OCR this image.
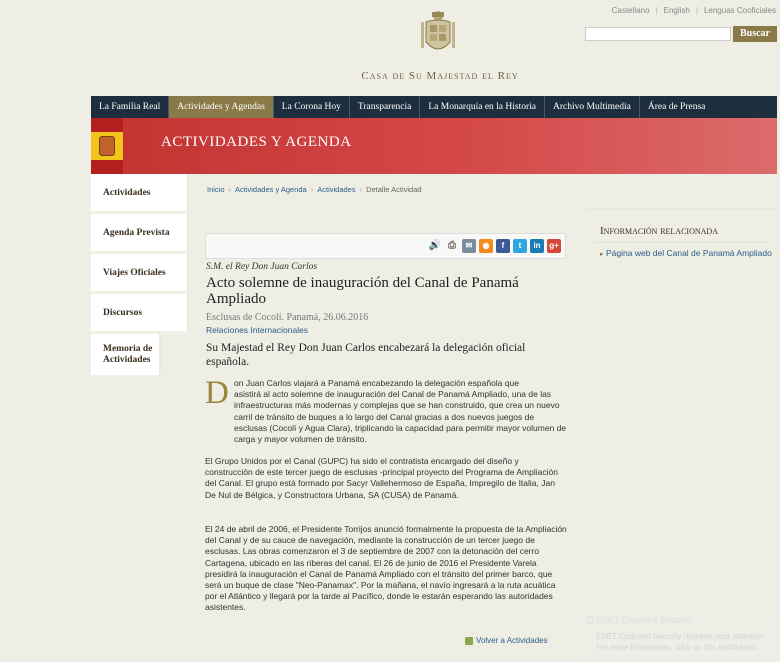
Castellano | English | Lenguas Cooficiales
Buscar
Casa de Su Majestad el Rey
La Familia Real	Actividades y Agendas	La Corona Hoy	Transparencia	La Monarquía en la Historia	Archivo Multimedia	Área de Prensa
ACTIVIDADES Y AGENDA
Actividades
Agenda Prevista
Viajes Oficiales
Discursos
Memoria de Actividades
Inicio › Actividades y Agenda › Actividades › Detalle Actividad
🔊 ⎙	✉	◉	f	t	in	g+
S.M. el Rey Don Juan Carlos
Acto solemne de inauguración del Canal de Panamá Ampliado
Esclusas de Cocolí. Panamá, 26.06.2016
Relaciones Internacionales
Su Majestad el Rey Don Juan Carlos encabezará la delegación oficial española.
D on Juan Carlos viajará a Panamá encabezando la delegación española que
asistirá al acto solemne de inauguración del Canal de Panamá Ampliado, una de las infraestructuras más modernas y complejas que se han construido, que crea un nuevo carril de tránsito de buques a lo largo del Canal gracias a dos nuevos juegos de esclusas (Cocolí y Agua Clara), triplicando la capacidad para permitir mayor volumen de carga y mayor volumen de tránsito.
El Grupo Unidos por el Canal (GUPC) ha sido el contratista encargado del diseño y construcción de este tercer juego de esclusas -principal proyecto del Programa de Ampliación del Canal. El grupo está formado por Sacyr Vallehermoso de España, Impregilo de Italia, Jan De Nul de Bélgica, y Constructora Urbana, SA (CUSA) de Panamá.
El 24 de abril de 2006, el Presidente Torrijos anunció formalmente la propuesta de la Ampliación del Canal y de su cauce de navegación, mediante la construcción de un tercer juego de esclusas. Las obras comenzaron el 3 de septiembre de 2007 con la detonación del cerro Cartagena, ubicado en las riberas del canal. El 26 de junio de 2016 el Presidente Varela presidirá la inauguración el Canal de Panamá Ampliado con el tránsito del primer barco, que será un buque de clase "Neo-Panamax". Por la mañana, el navío ingresará a la ruta acuática por el Atlántico y llegará por la tarde al Pacífico, donde le estarán esperando las autoridades asistentes.
Volver a Actividades
Información relacionada
▸ Página web del Canal de Panamá Ampliado
ESET Endpoint Security
ESET Endpoint Security requires your attention. For more information, click on this notification.
